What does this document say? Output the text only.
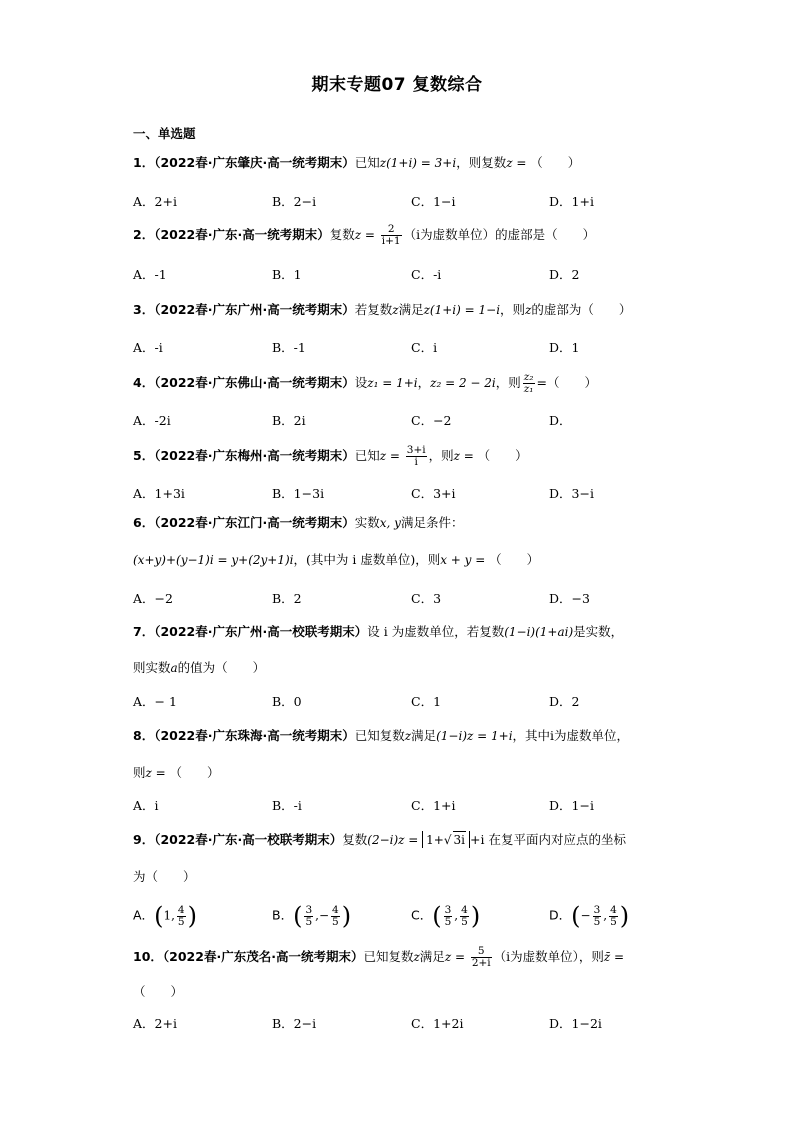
期末专题07 复数综合
一、单选题
1．（2022春·广东肇庆·高一统考期末）已知z(1+i) = 3+i，则复数z = （　　）
A．2+i	B．2−i	C．1−i	D．1+i
2．（2022春·广东·高一统考期末）复数$z = \frac{2}{i+1} (i$为虚数单位）的虚部是（　　）
A．-1	B．1	C．-i	D．2
3．（2022春·广东广州·高一统考期末）若复数z满足z(1+i) = 1−i，则z的虚部为（　　）
A．-i	B．-1	C．i	D．1
4．（2022春·广东佛山·高一统考期末）设z₁ = 1+i，z₂ = 2 − 2i，则 $\frac{\text{z₂}}{\text{z₁}}$ =（　　）
A．-2i	B．2i	C．−2	D．
5．（2022春·广东梅州·高一统考期末）已知$z = \frac{3+i}{i}$ ，则z = （　　）
A．1+3i	B．1−3i	C．3+i	D．3−i
6．（2022春·广东江门·高一统考期末）实数x, y满足条件：
(x+y)+(y−1)i = y+(2y+1)i，(其中为 i 虚数单位)，则x + y = （　　）
A．−2	B．2	C．3	D．−3
7．（2022春·广东广州·高一校联考期末）设 i 为虚数单位，若复数(1−i)(1+ai)是实数，
则实数a的值为（　　）
A．− 1	B．0	C．1	D．2
8．（2022春·广东珠海·高一统考期末）已知复数z满足(1−i)z = 1+i，其中i为虚数单位，
则z = （　　）
A．i	B．-i	C．1+i	D．1−i
9．（2022春·广东·高一校联考期末）复数(2−i)z = 1+√ 3i +i 在复平面内对应点的坐标
为（　　）
A．(1, $\frac{4}{5}$ )	B．( $\frac{3}{5}$ ,− $\frac{4}{5}$ )	C．( $\frac{3}{5}$ , $\frac{4}{5}$ )	D．(− $\frac{3}{5}$ , $\frac{4}{5}$ )
10．（2022春·广东茂名·高一统考期末）已知复数z满足$z = \frac{5}{2+i} (i$为虚数单位），则z̄ =
（　　）
A．2+i	B．2−i	C．1+2i	D．1−2i
